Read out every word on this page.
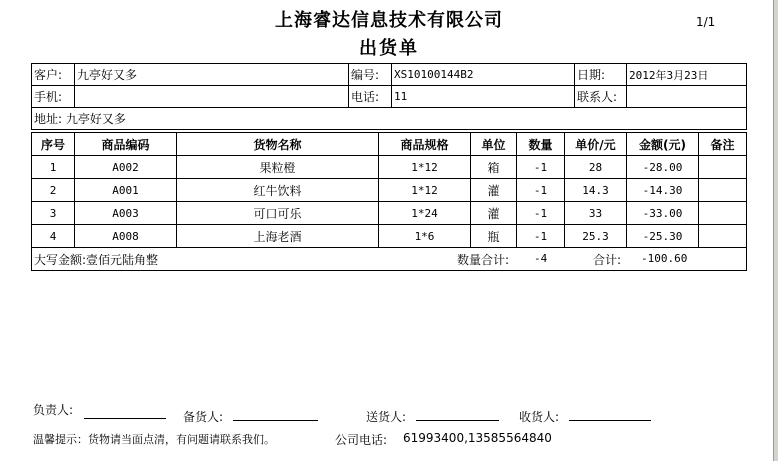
上海睿达信息技术有限公司
出货单
1/1
客户:	九亭好又多	编号:	XS10100144B2	日期:	2012年3月23日
手机:		电话:	11	联系人:	
地址: 九亭好又多					
序号	商品编码	货物名称	商品规格	单位	数量	单价/元	金额(元)	备注
1	A002	果粒橙	1*12	箱	-1	28	-28.00	
2	A001	红牛饮料	1*12	灌	-1	14.3	-14.30	
3	A003	可口可乐	1*24	灌	-1	33	-33.00	
4	A008	上海老酒	1*6	瓶	-1	25.3	-25.30	
大写金额:壹佰元陆角整 数量合计: -4 合计: -100.60								
负责人:	备货人:	送货人:	收货人:
温馨提示：货物请当面点清，有问题请联系我们。	公司电话: 61993400,13585564840
